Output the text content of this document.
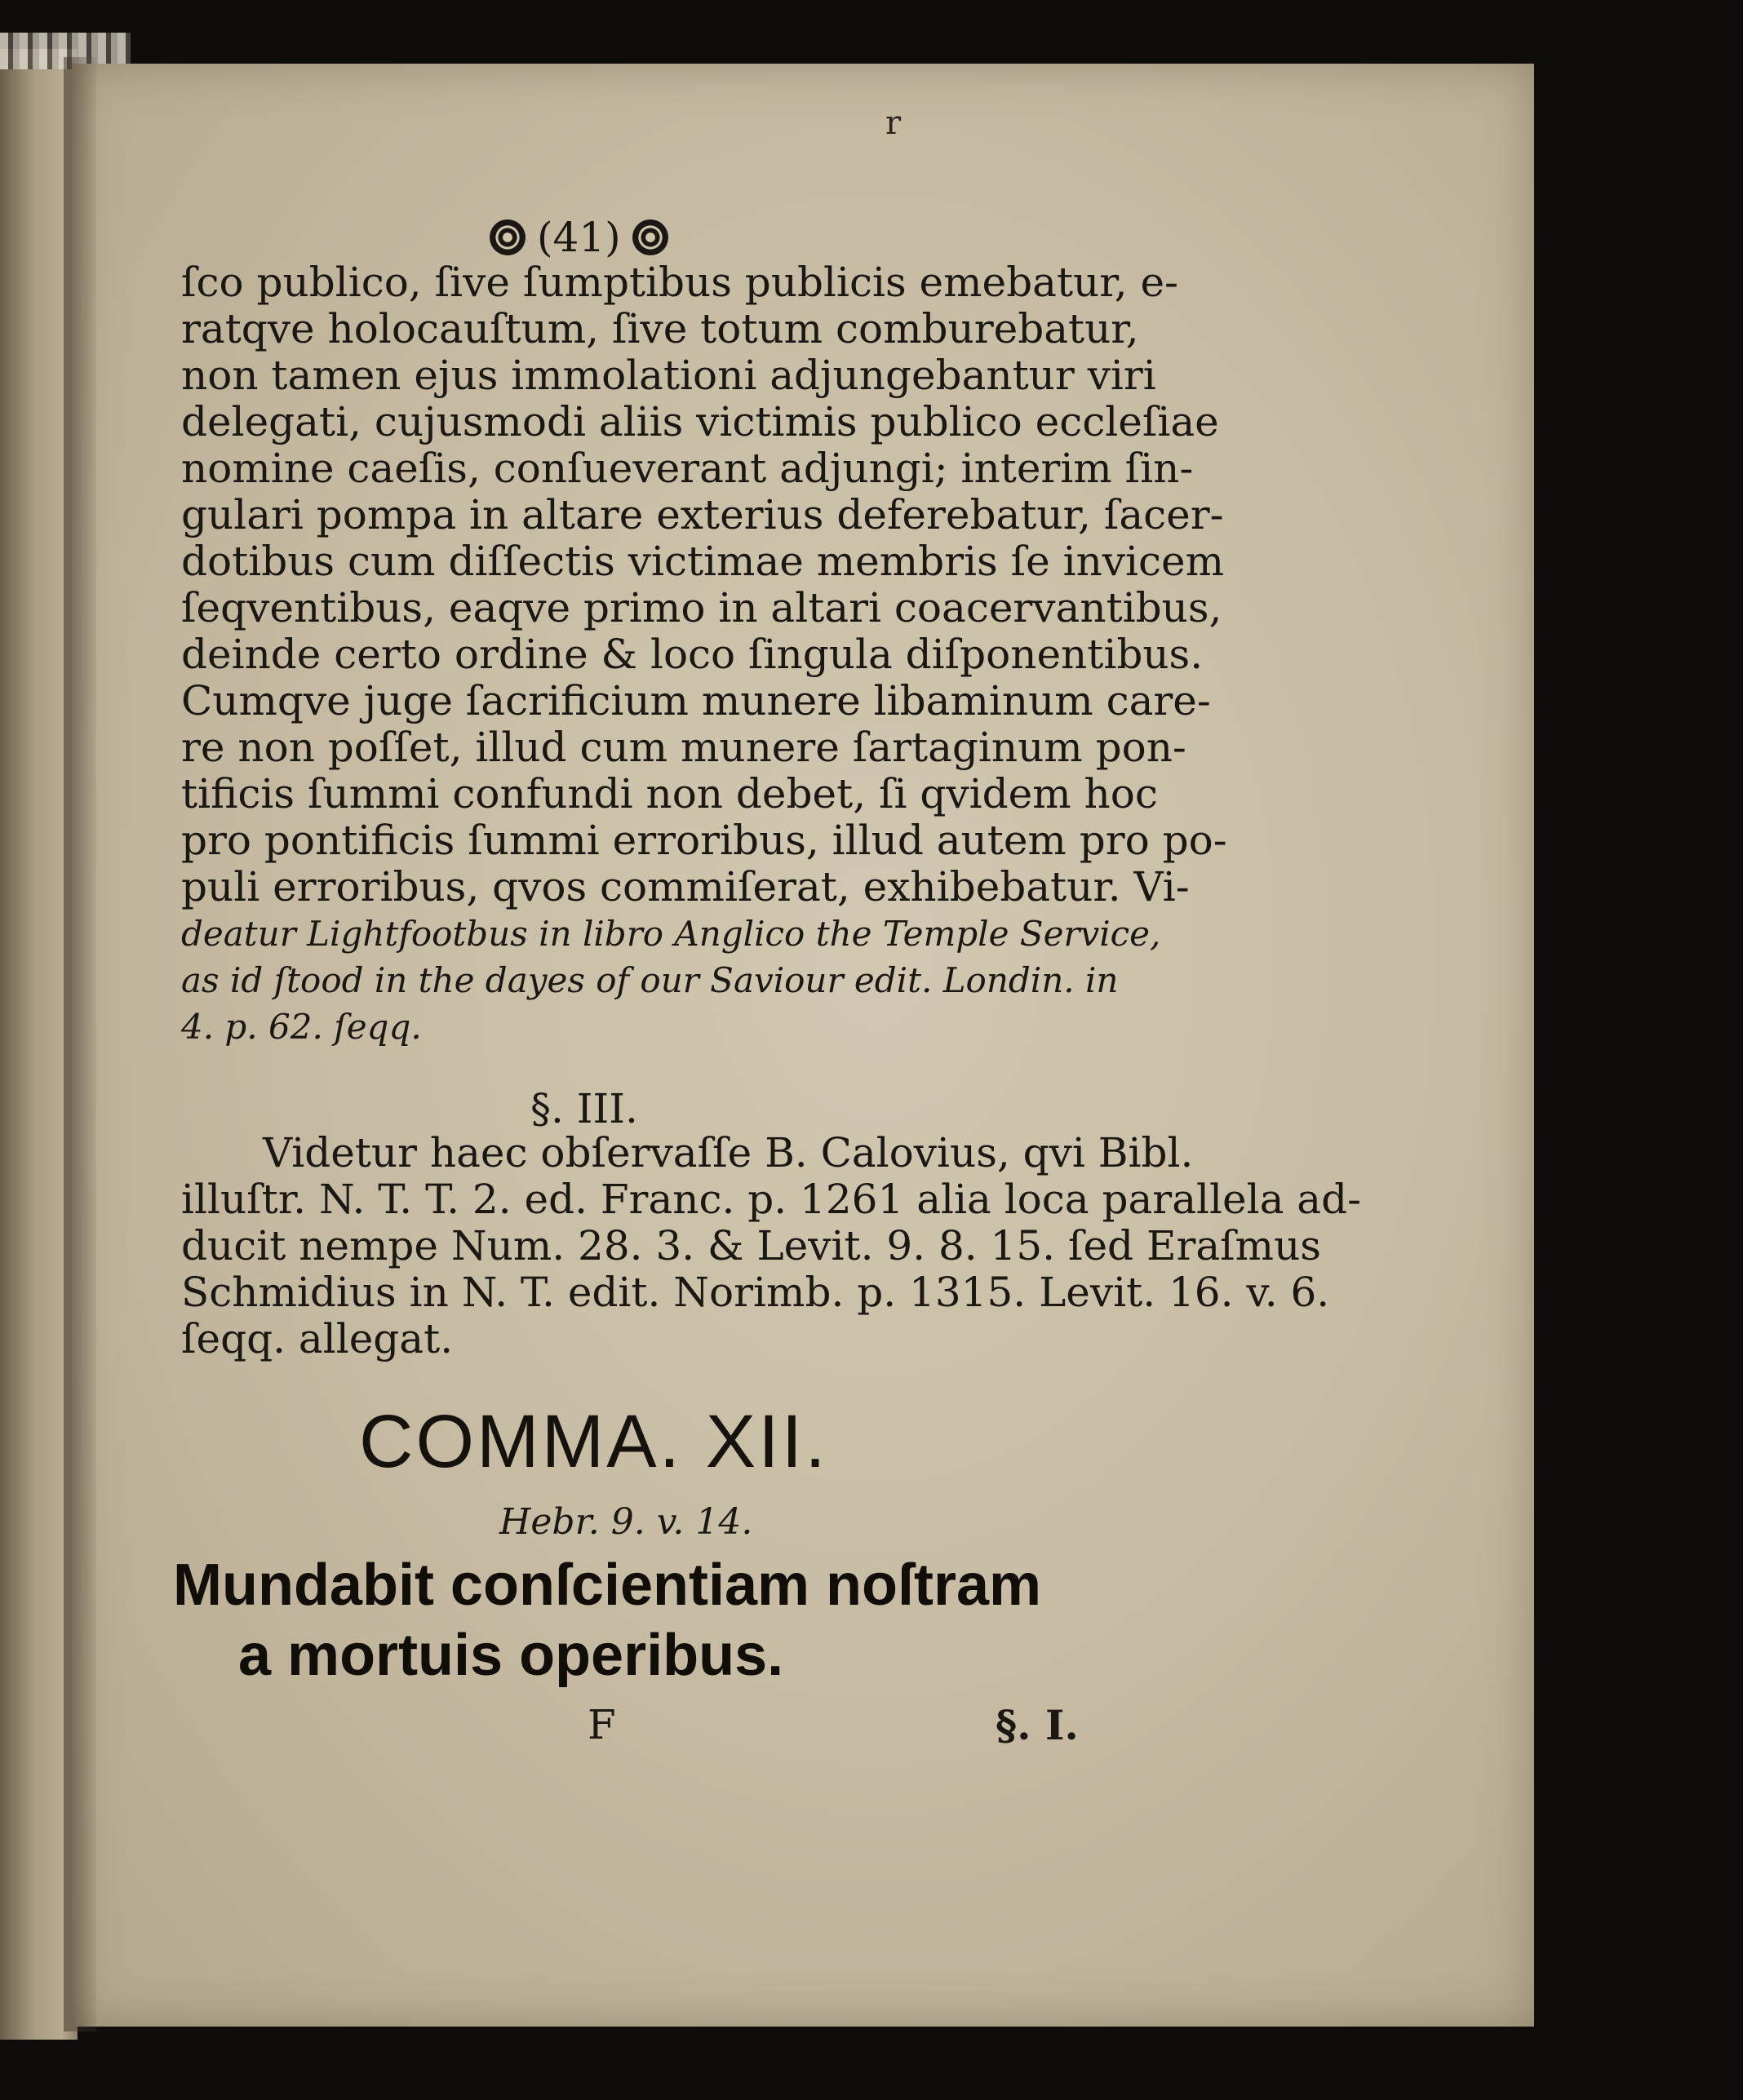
r
(41)
ſco publico, ſive ſumptibus publicis emebatur, e-
ratqve holocauſtum, ſive totum comburebatur,
non tamen ejus immolationi adjungebantur viri
delegati, cujusmodi aliis victimis publico eccleſiae
nomine caeſis, conſueverant adjungi; interim ſin-
gulari pompa in altare exterius deferebatur, ſacer-
dotibus cum diſſectis victimae membris ſe invicem
ſeqventibus, eaqve primo in altari coacervantibus,
deinde certo ordine & loco ſingula diſponentibus.
Cumqve juge ſacrificium munere libaminum care-
re non poſſet, illud cum munere ſartaginum pon-
tificis ſummi confundi non debet, ſi qvidem hoc
pro pontificis ſummi erroribus, illud autem pro po-
puli erroribus, qvos commiſerat, exhibebatur. Vi-
deatur Lightfootbus in libro Anglico the Temple Service,
as id ſtood in the dayes of our Saviour edit. Londin. in
4. p. 62. ſeqq.
§. III.
Videtur haec obſervaſſe B. Calovius, qvi Bibl.
illuſtr. N. T. T. 2. ed. Franc. p. 1261 alia loca parallela ad-
ducit nempe Num. 28. 3. & Levit. 9. 8. 15. ſed Eraſmus
Schmidius in N. T. edit. Norimb. p. 1315. Levit. 16. v. 6.
ſeqq. allegat.
COMMA. XII.
Hebr. 9. v. 14.
Mundabit conſcientiam noſtram
a mortuis operibus.
F	§. I.
